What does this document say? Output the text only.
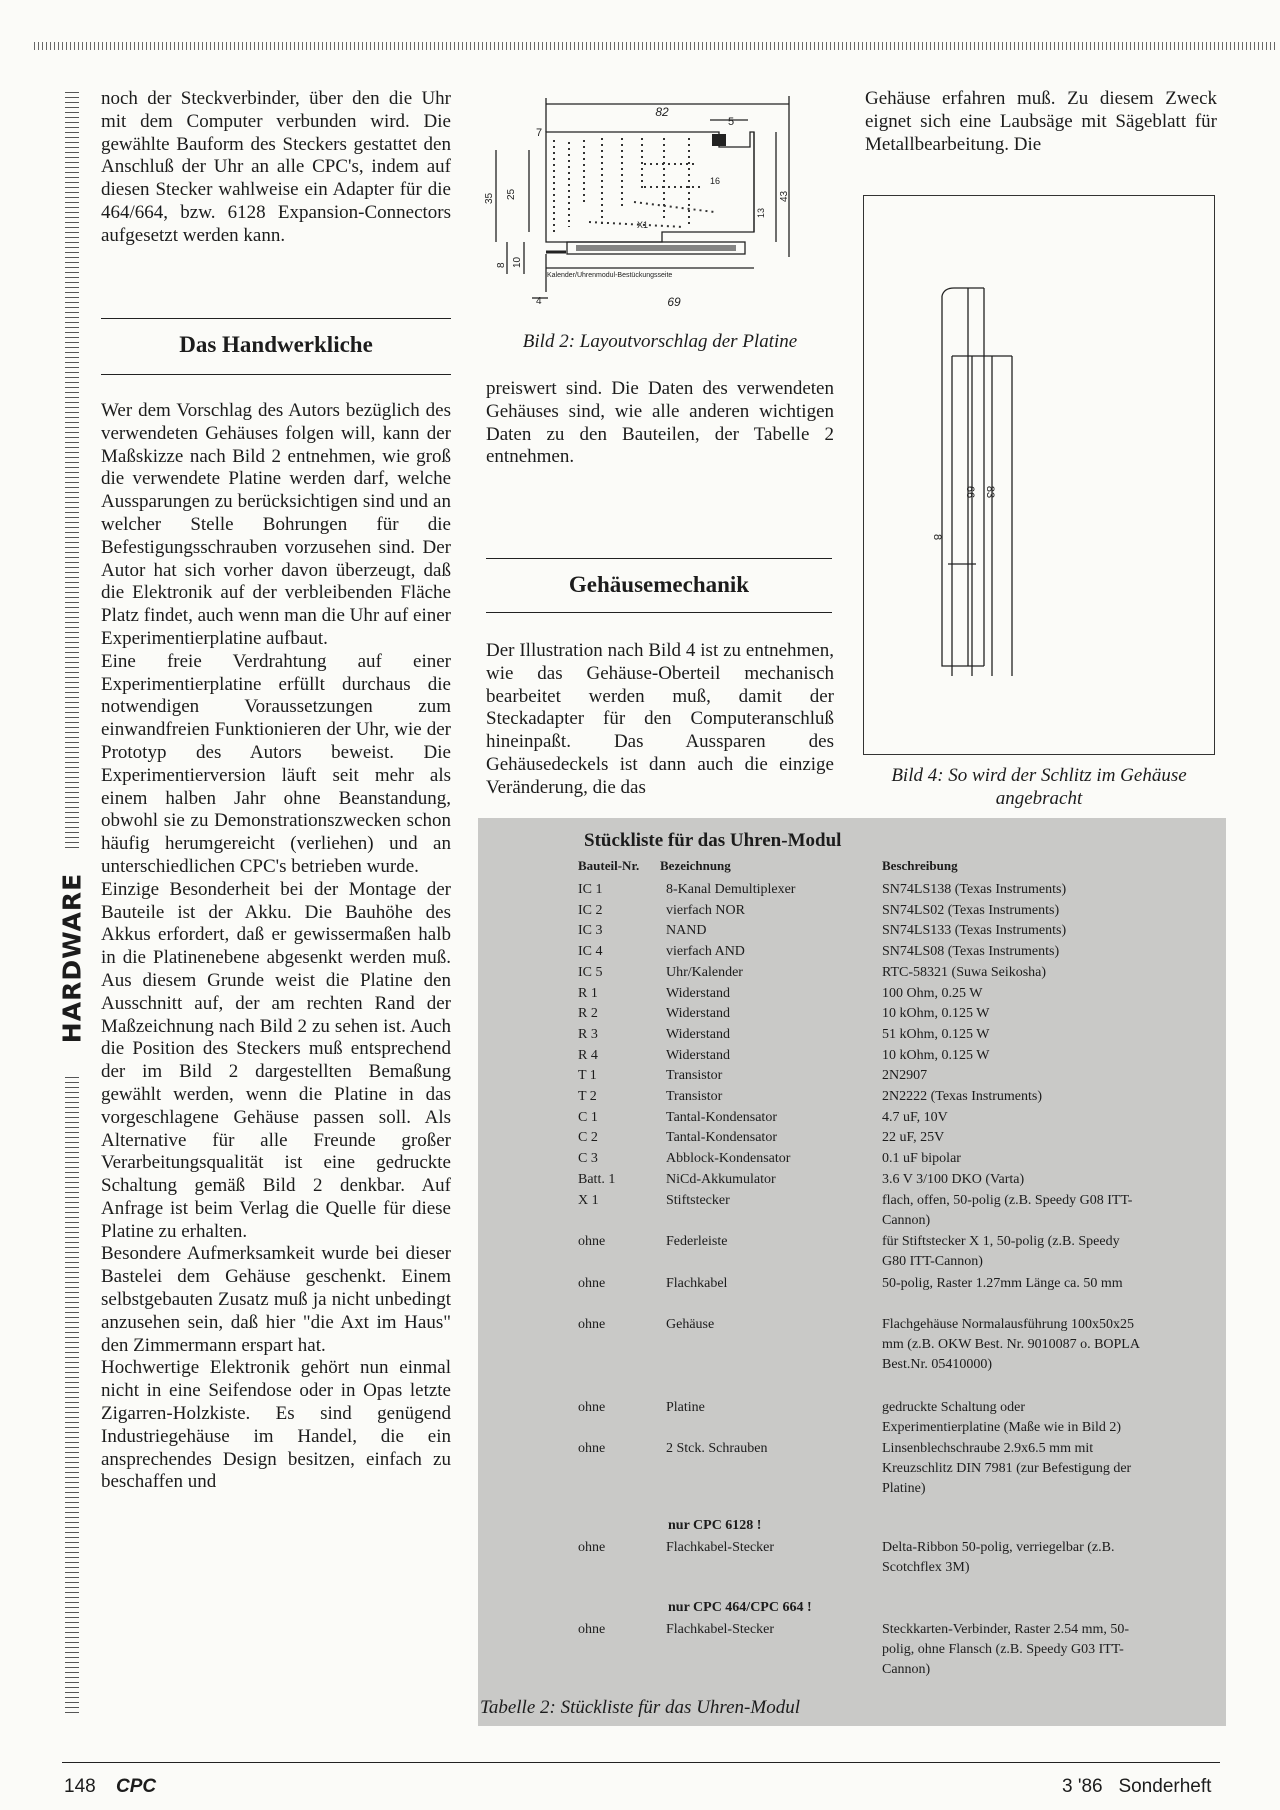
HARDWARE

noch der Steckverbinder, über den die Uhr mit dem Computer verbunden wird. Die gewählte Bauform des Steckers gestattet den Anschluß der Uhr an alle CPC's, indem auf diesen Stecker wahlweise ein Adapter für die 464/664, bzw. 6128 Expansion-Connectors aufgesetzt werden kann.

Das Handwerkliche

Wer dem Vorschlag des Autors bezüglich des verwendeten Gehäuses folgen will, kann der Maßskizze nach Bild 2 entnehmen, wie groß die verwendete Platine werden darf, welche Aussparungen zu berücksichtigen sind und an welcher Stelle Bohrungen für die Befestigungsschrauben vorzusehen sind. Der Autor hat sich vorher davon überzeugt, daß die Elektronik auf der verbleibenden Fläche Platz findet, auch wenn man die Uhr auf einer Experimentierplatine aufbaut.

Eine freie Verdrahtung auf einer Experimentierplatine erfüllt durchaus die notwendigen Voraussetzungen zum einwandfreien Funktionieren der Uhr, wie der Prototyp des Autors beweist. Die Experimentierversion läuft seit mehr als einem halben Jahr ohne Beanstandung, obwohl sie zu Demonstrationszwecken schon häufig herumgereicht (verliehen) und an unterschiedlichen CPC's betrieben wurde.

Einzige Besonderheit bei der Montage der Bauteile ist der Akku. Die Bauhöhe des Akkus erfordert, daß er gewissermaßen halb in die Platinenebene abgesenkt werden muß. Aus diesem Grunde weist die Platine den Ausschnitt auf, der am rechten Rand der Maßzeichnung nach Bild 2 zu sehen ist. Auch die Position des Steckers muß entsprechend der im Bild 2 dargestellten Bemaßung gewählt werden, wenn die Platine in das vorgeschlagene Gehäuse passen soll. Als Alternative für alle Freunde großer Verarbeitungsqualität ist eine gedruckte Schaltung gemäß Bild 2 denkbar. Auf Anfrage ist beim Verlag die Quelle für diese Platine zu erhalten.

Besondere Aufmerksamkeit wurde bei dieser Bastelei dem Gehäuse geschenkt. Einem selbstgebauten Zusatz muß ja nicht unbedingt anzusehen sein, daß hier "die Axt im Haus" den Zimmermann erspart hat.

Hochwertige Elektronik gehört nun einmal nicht in eine Seifendose oder in Opas letzte Zigarren-Holzkiste. Es sind genügend Industriegehäuse im Handel, die ein ansprechendes Design besitzen, einfach zu beschaffen und

82
69
7
5
16
X1
Kalender/Uhrenmodul-Bestückungsseite
35 25
8 10
43
13
4
Bild 2: Layoutvorschlag der Platine

preiswert sind. Die Daten des verwendeten Gehäuses sind, wie alle anderen wichtigen Daten zu den Bauteilen, der Tabelle 2 entnehmen.

Gehäusemechanik

Der Illustration nach Bild 4 ist zu entnehmen, wie das Gehäuse-Oberteil mechanisch bearbeitet werden muß, damit der Steckadapter für den Computeranschluß hineinpaßt. Das Aussparen des Gehäusedeckels ist dann auch die einzige Veränderung, die das

Gehäuse erfahren muß. Zu diesem Zweck eignet sich eine Laubsäge mit Sägeblatt für Metallbearbeitung. Die

8
66 83
Bild 4: So wird der Schlitz im Gehäuse angebracht
Stückliste für das Uhren-Modul
Bauteil-Nr. Bezeichnung	Beschreibung
IC 1	8-Kanal Demultiplexer	SN74LS138 (Texas Instruments)
IC 2	vierfach NOR	SN74LS02 (Texas Instruments)
IC 3	NAND	SN74LS133 (Texas Instruments)
IC 4	vierfach AND	SN74LS08 (Texas Instruments)
IC 5	Uhr/Kalender	RTC-58321 (Suwa Seikosha)
R 1	Widerstand	100 Ohm, 0.25 W
R 2	Widerstand	10 kOhm, 0.125 W
R 3	Widerstand	51 kOhm, 0.125 W
R 4	Widerstand	10 kOhm, 0.125 W
T 1	Transistor	2N2907
T 2	Transistor	2N2222 (Texas Instruments)
C 1	Tantal-Kondensator	4.7 uF, 10V
C 2	Tantal-Kondensator	22 uF, 25V
C 3	Abblock-Kondensator	0.1 uF bipolar
Batt. 1	NiCd-Akkumulator	3.6 V 3/100 DKO (Varta)
X 1	Stiftstecker	flach, offen, 50-polig (z.B. Speedy G08 ITT-Cannon)
ohne	Federleiste	für Stiftstecker X 1, 50-polig (z.B. Speedy G80 ITT-Cannon)
ohne	Flachkabel	50-polig, Raster 1.27mm Länge ca. 50 mm
ohne	Gehäuse	Flachgehäuse Normalausführung 100x50x25 mm (z.B. OKW Best. Nr. 9010087 o. BOPLA Best.Nr. 05410000)
ohne	Platine	gedruckte Schaltung oder Experimentierplatine (Maße wie in Bild 2)
ohne	2 Stck. Schrauben	Linsenblechschraube 2.9x6.5 mm mit Kreuzschlitz DIN 7981 (zur Befestigung der Platine)
nur CPC 6128 !
ohne	Flachkabel-Stecker	Delta-Ribbon 50-polig, verriegelbar (z.B. Scotchflex 3M)
nur CPC 464/CPC 664 !
ohne	Flachkabel-Stecker	Steckkarten-Verbinder, Raster 2.54 mm, 50-polig, ohne Flansch (z.B. Speedy G03 ITT-Cannon)
Tabelle 2: Stückliste für das Uhren-Modul
148 CPC	3 '86   Sonderheft
